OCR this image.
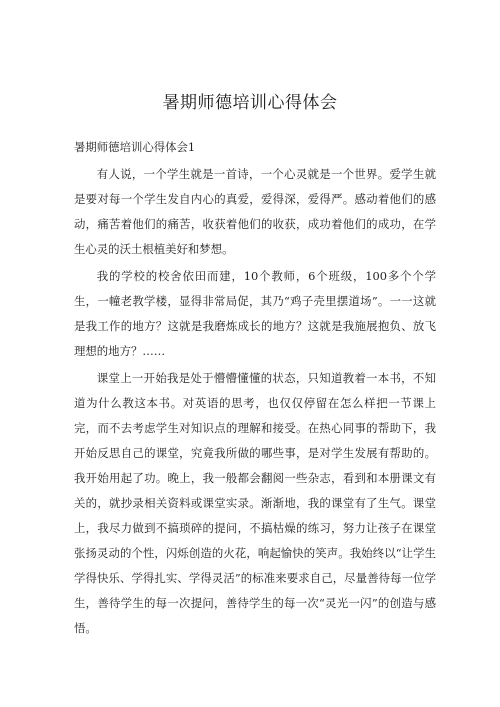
暑期师德培训心得体会

暑期师德培训心得体会1

有人说，一个学生就是一首诗，一个心灵就是一个世界。爱学生就是要对每一个学生发自内心的真爱，爱得深，爱得严。感动着他们的感动，痛苦着他们的痛苦，收获着他们的收获，成功着他们的成功，在学生心灵的沃土根植美好和梦想。

我的学校的校舍依田而建，10个教师，6个班级，100多个个学生，一幢老教学楼，显得非常局促，其乃“鸡子壳里摆道场”。一一这就是我工作的地方？这就是我磨炼成长的地方？这就是我施展抱负、放飞理想的地方？……

课堂上一开始我是处于懵懵懂懂的状态，只知道教着一本书，不知道为什么教这本书。对英语的思考，也仅仅停留在怎么样把一节课上完，而不去考虑学生对知识点的理解和接受。在热心同事的帮助下，我开始反思自己的课堂，究竟我所做的哪些事，是对学生发展有帮助的。我开始用起了功。晚上，我一般都会翻阅一些杂志，看到和本册课文有关的，就抄录相关资料或课堂实录。渐渐地，我的课堂有了生气。课堂上，我尽力做到不搞琐碎的提问，不搞枯燥的练习，努力让孩子在课堂张扬灵动的个性，闪烁创造的火花，响起愉快的笑声。我始终以“让学生学得快乐、学得扎实、学得灵活”的标准来要求自己，尽量善待每一位学生，善待学生的每一次提问，善待学生的每一次“灵光一闪”的创造与感悟。
